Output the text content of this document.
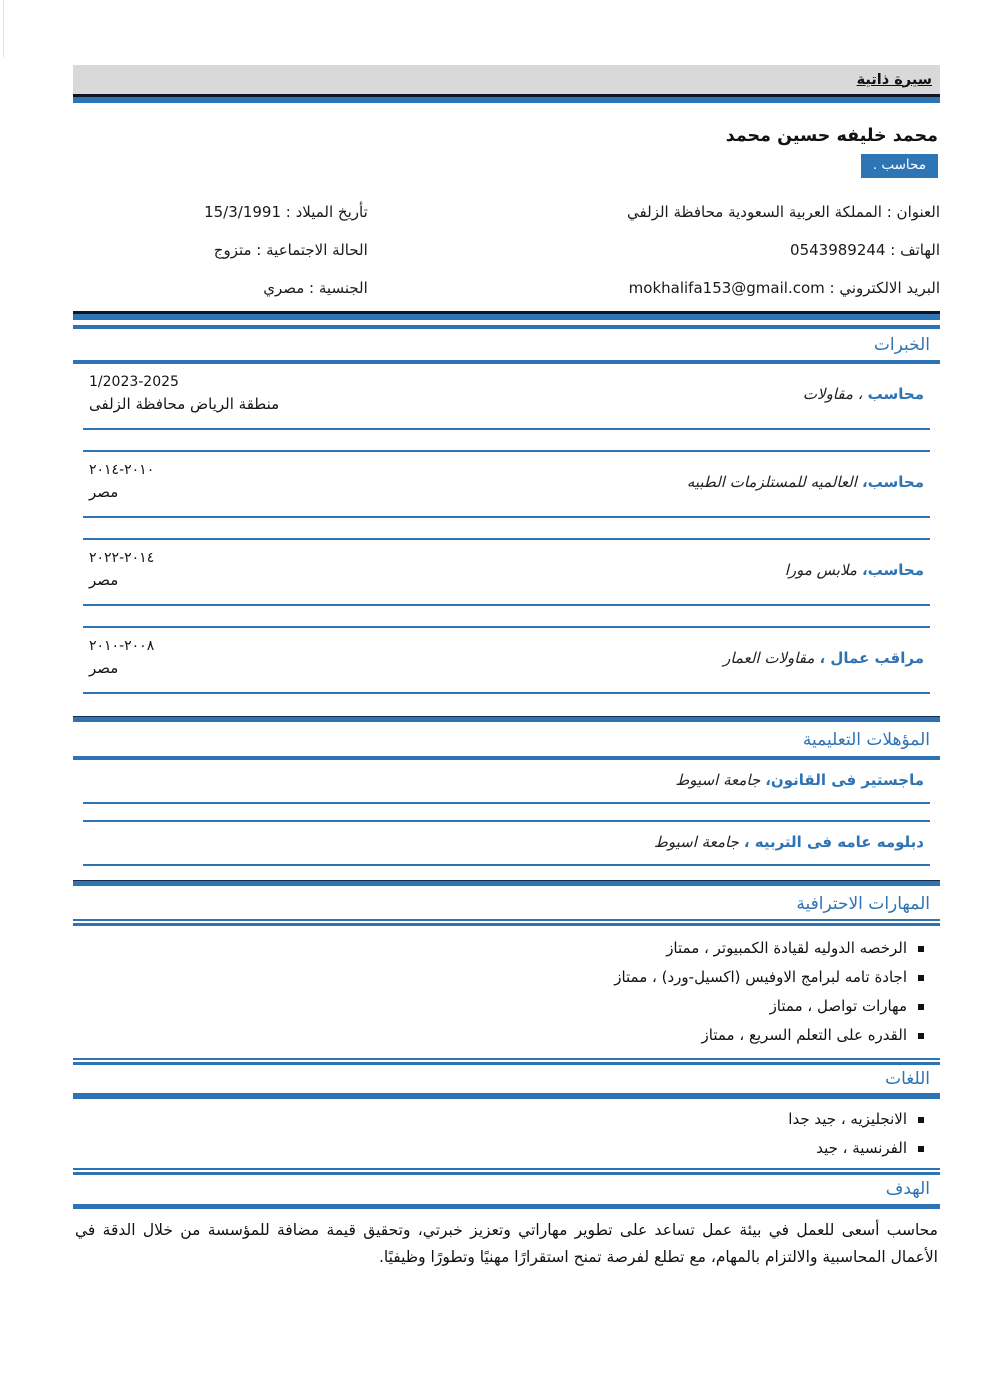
سيرة ذاتية
محمد خليفه حسين محمد
محاسب .
العنوان : المملكة العربية السعودية محافظة الزلفي
تأريخ الميلاد : 15/3/1991
الهاتف : 0543989244
الحالة الاجتماعية : متزوج
البريد الالكتروني : mokhalifa153@gmail.com
الجنسية : مصري
الخبرات
محاسب، مقاولات
1/2023-2025
منطقة الرياض محافظة الزلفى
محاسب،العالميه للمستلزمات الطبيه
٢٠١٠-٢٠١٤
مصر
محاسب،ملابس مورا
٢٠١٤-٢٠٢٢
مصر
مراقب عمال ،مقاولات العمار
٢٠٠٨-٢٠١٠
مصر
المؤهلات التعليمية
ماجستير فى القانون،جامعة اسيوط
دبلومه عامه فى التربيه ،جامعة اسيوط
المهارات الاحترافية
الرخصه الدوليه لقيادة الكمبيوتر ، ممتاز
اجادة تامه لبرامج الاوفيس (اكسيل-ورد) ، ممتاز
مهارات تواصل ، ممتاز
القدره على التعلم السريع ، ممتاز
اللغات
الانجليزيه ، جيد جدا
الفرنسية ، جيد
الهدف

محاسب أسعى للعمل في بيئة عمل تساعد على تطوير مهاراتي وتعزيز خبرتي، وتحقيق قيمة مضافة للمؤسسة من خلال الدقة في الأعمال المحاسبية والالتزام بالمهام، مع تطلع لفرصة تمنح استقرارًا مهنيًا وتطورًا وظيفيًا.
